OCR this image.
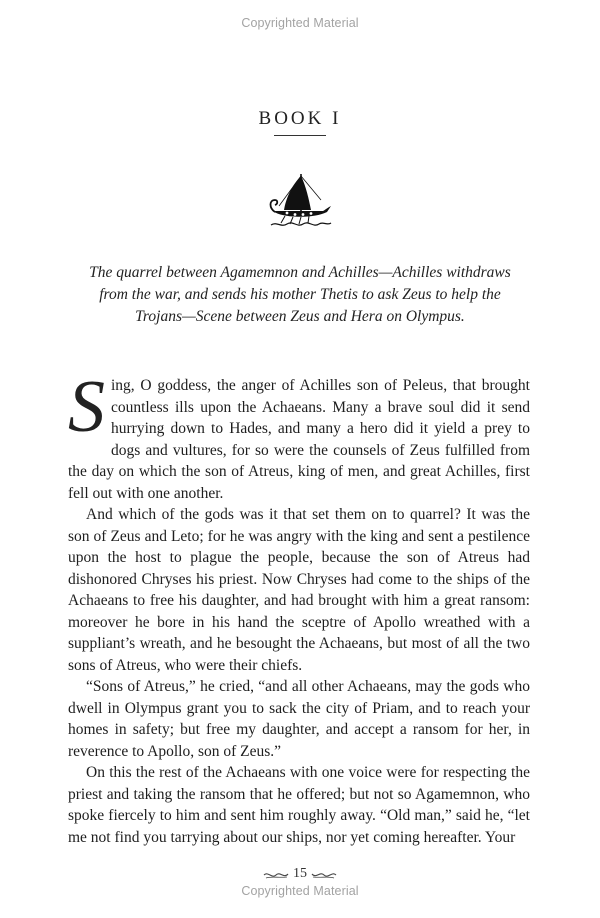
Copyrighted Material
BOOK I
The quarrel between Agamemnon and Achilles—Achilles withdraws from the war, and sends his mother Thetis to ask Zeus to help the Trojans—Scene between Zeus and Hera on Olympus.

Sing, O goddess, the anger of Achilles son of Peleus, that brought countless ills upon the Achaeans. Many a brave soul did it send hurrying down to Hades, and many a hero did it yield a prey to dogs and vultures, for so were the counsels of Zeus fulfilled from the day on which the son of Atreus, king of men, and great Achilles, first fell out with one another.

And which of the gods was it that set them on to quarrel? It was the son of Zeus and Leto; for he was angry with the king and sent a pestilence upon the host to plague the people, because the son of Atreus had dishonored Chryses his priest. Now Chryses had come to the ships of the Achaeans to free his daughter, and had brought with him a great ransom: moreover he bore in his hand the sceptre of Apollo wreathed with a suppliant’s wreath, and he besought the Achaeans, but most of all the two sons of Atreus, who were their chiefs.

“Sons of Atreus,” he cried, “and all other Achaeans, may the gods who dwell in Olympus grant you to sack the city of Priam, and to reach your homes in safety; but free my daughter, and accept a ransom for her, in reverence to Apollo, son of Zeus.”

On this the rest of the Achaeans with one voice were for respecting the priest and taking the ransom that he offered; but not so Agamemnon, who spoke fiercely to him and sent him roughly away. “Old man,” said he, “let me not find you tarrying about our ships, nor yet coming hereafter. Your

15
Copyrighted Material
